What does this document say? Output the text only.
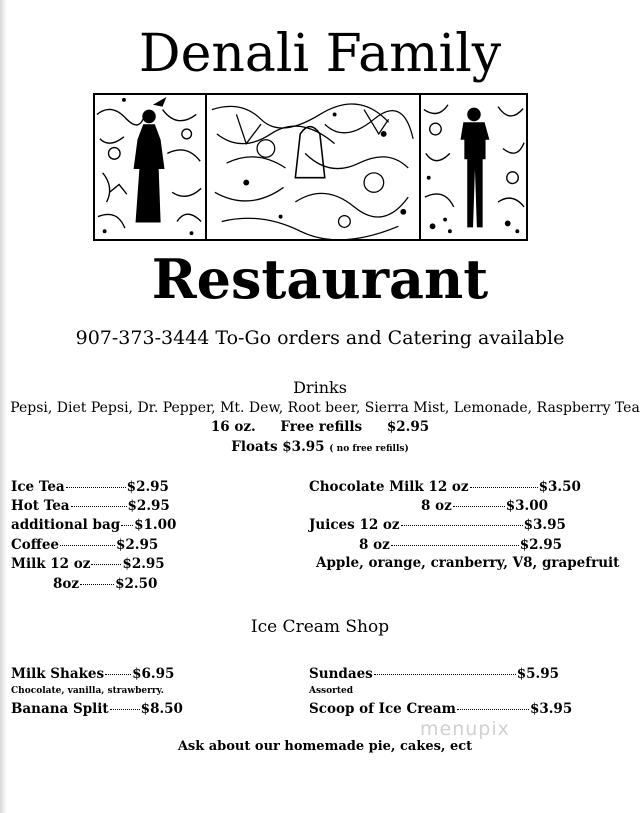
Denali Family
Restaurant
907-373-3444 To-Go orders and Catering available
Drinks
Pepsi, Diet Pepsi, Dr. Pepper, Mt. Dew, Root beer, Sierra Mist, Lemonade, Raspberry Tea
16 oz. Free refills $2.95
Floats $3.95 ( no free refills)
Ice Tea	$2.95
Hot Tea	$2.95
additional bag $1.00
Coffee	$2.95
Milk 12 oz $2.95
8oz	$2.50
Chocolate Milk 12 oz	$3.50
8 oz	$3.00
Juices 12 oz	$3.95
8 oz	$2.95
Apple, orange, cranberry, V8, grapefruit
Ice Cream Shop
Milk Shakes $6.95
Chocolate, vanilla, strawberry.
Banana Split $8.50
Sundaes	$5.95
Assorted
Scoop of Ice Cream	$3.95
menupix
Ask about our homemade pie, cakes, ect
